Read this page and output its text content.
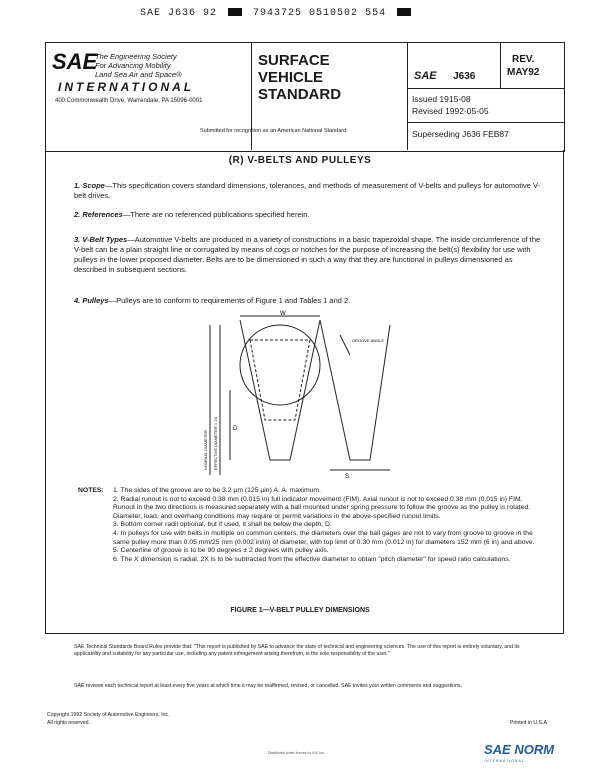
SAE J636 92	7943725 0510502 554
SAE
The Engineering Society
For Advancing Mobility
Land Sea Air and Space®
INTERNATIONAL
400 Commonwealth Drive, Warrendale, PA 15096-0001
SURFACE
VEHICLE
STANDARD
SAE J636
REV.
MAY92
Issued 1915-08
Revised 1992-05-05
Submitted for recognition as an American National Standard	Superseding J636 FEB87
(R) V-BELTS AND PULLEYS
1. Scope—This specification covers standard dimensions, tolerances, and methods of measurement of V-belts and pulleys for automotive V-belt drives.
2. References—There are no referenced publications specified herein.
3. V-Belt Types—Automotive V-belts are produced in a variety of constructions in a basic trapezoidal shape. The inside circumference of the V-belt can be a plain straight line or corrugated by means of cogs or notches for the purpose of increasing the belt(s) flexibility for use with pulleys in the lower proposed diameter. Belts are to be dimensioned in such a way that they are functional in pulleys dimensioned as described in subsequent sections.
4. Pulleys—Pulleys are to conform to requirements of Figure 1 and Tables 1 and 2.
W
D
S
GROOVE ANGLE
NOMINAL DIAMETER EFFECTIVE DIAMETER = 2X
NOTES: 1. The sides of the groove are to be 3.2 µm (125 µin) A. A. maximum.
2. Radial runout is not to exceed 0.38 mm (0.015 in) full indicator movement (FIM). Axial runout is not to exceed 0.38 mm (0.015 in) FIM. Runout in the two directions is measured separately with a ball mounted under spring pressure to follow the groove as the pulley is rotated. Diameter, load, and overhang conditions may require or permit variations in the above-specified runout limits.
3. Bottom corner radii optional, but if used, it shall be below the depth, D.
4. In pulleys for use with belts in multiple on common centers, the diameters over the ball gages are not to vary from groove to groove in the same pulley more than 0.05 mm/25 mm (0.002 in/in) of diameter, with top limit of 0.30 mm (0.012 in) for diameters 152 mm (6 in) and above.
5. Centerline of groove is to be 90 degrees ± 2 degrees with pulley axis.
6. The X dimension is radial. 2X is to be subtracted from the effective diameter to obtain "pitch diameter" for speed ratio calculations.
FIGURE 1—V-BELT PULLEY DIMENSIONS
SAE Technical Standards Board Rules provide that: "This report is published by SAE to advance the state of technical and engineering sciences. The use of this report is entirely voluntary, and its applicability and suitability for any particular use, including any patent infringement arising therefrom, is the sole responsibility of the user."
SAE reviews each technical report at least every five years at which time it may be reaffirmed, revised, or cancelled. SAE invites your written comments and suggestions.
Copyright 1992 Society of Automotive Engineers, Inc.
All rights reserved.	Printed in U.S.A.
Distributed under license by IHS Inc.	SAE NORM
INTERNATIONAL
